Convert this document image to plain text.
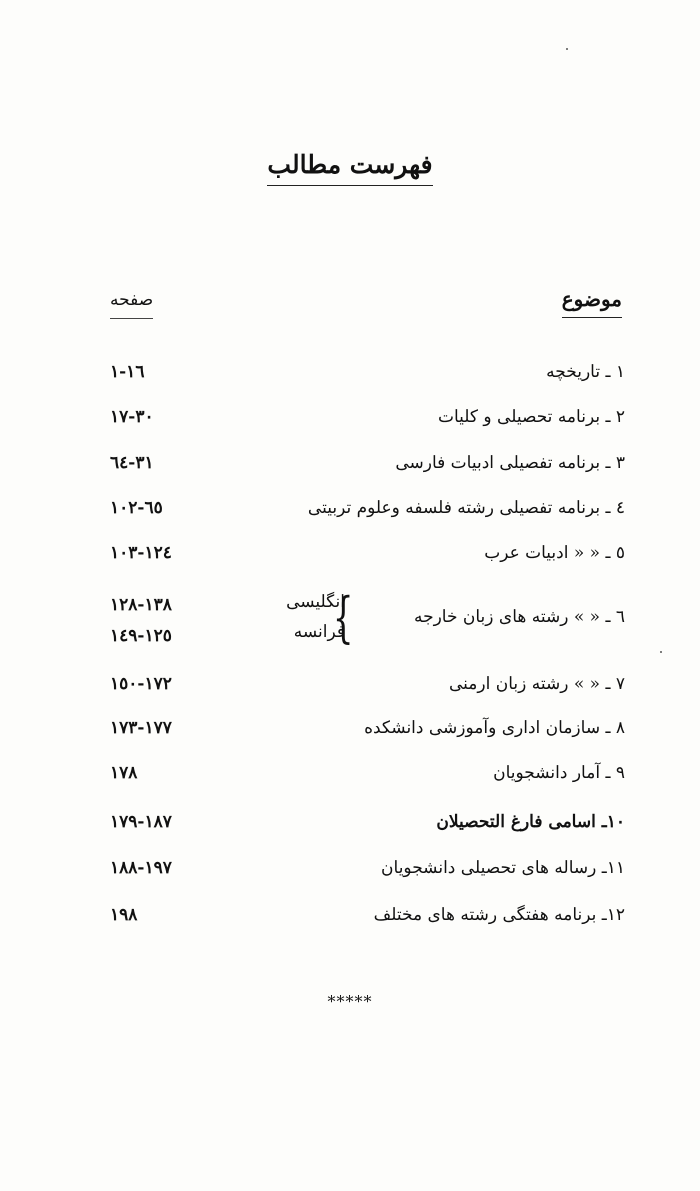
فهرست مطالب
موضوع
صفحه
۱ ـ تاریخچه
۱-۱٦
۲ ـ برنامه تحصیلی و کلیات
۱۷-۳۰
۳ ـ برنامه تفصیلی ادبیات فارسی
۳۱-٦٤
٤ ـ برنامه تفصیلی رشته فلسفه وعلوم تربیتی
٦٥-۱۰۲
٥ ـ « « ادبیات عرب
۱۰۳-۱۲٤
٦ ـ « » رشته های زبان خارجه
۱۲۸-۱۳۸
۱۲٥-۱٤۹	{
انگلیسی
فرانسه
۷ ـ « » رشته زبان ارمنی
۱٥۰-۱۷۲
۸ ـ سازمان اداری وآموزشی دانشکده
۱۷۳-۱۷۷
۹ ـ آمار دانشجویان
۱۷۸
۱۰ـ اسامی فارغ التحصیلان
۱۷۹-۱۸۷
۱۱ـ رساله های تحصیلی دانشجویان
۱۸۸-۱۹۷
۱۲ـ برنامه هفتگی رشته های مختلف
۱۹۸
*****
